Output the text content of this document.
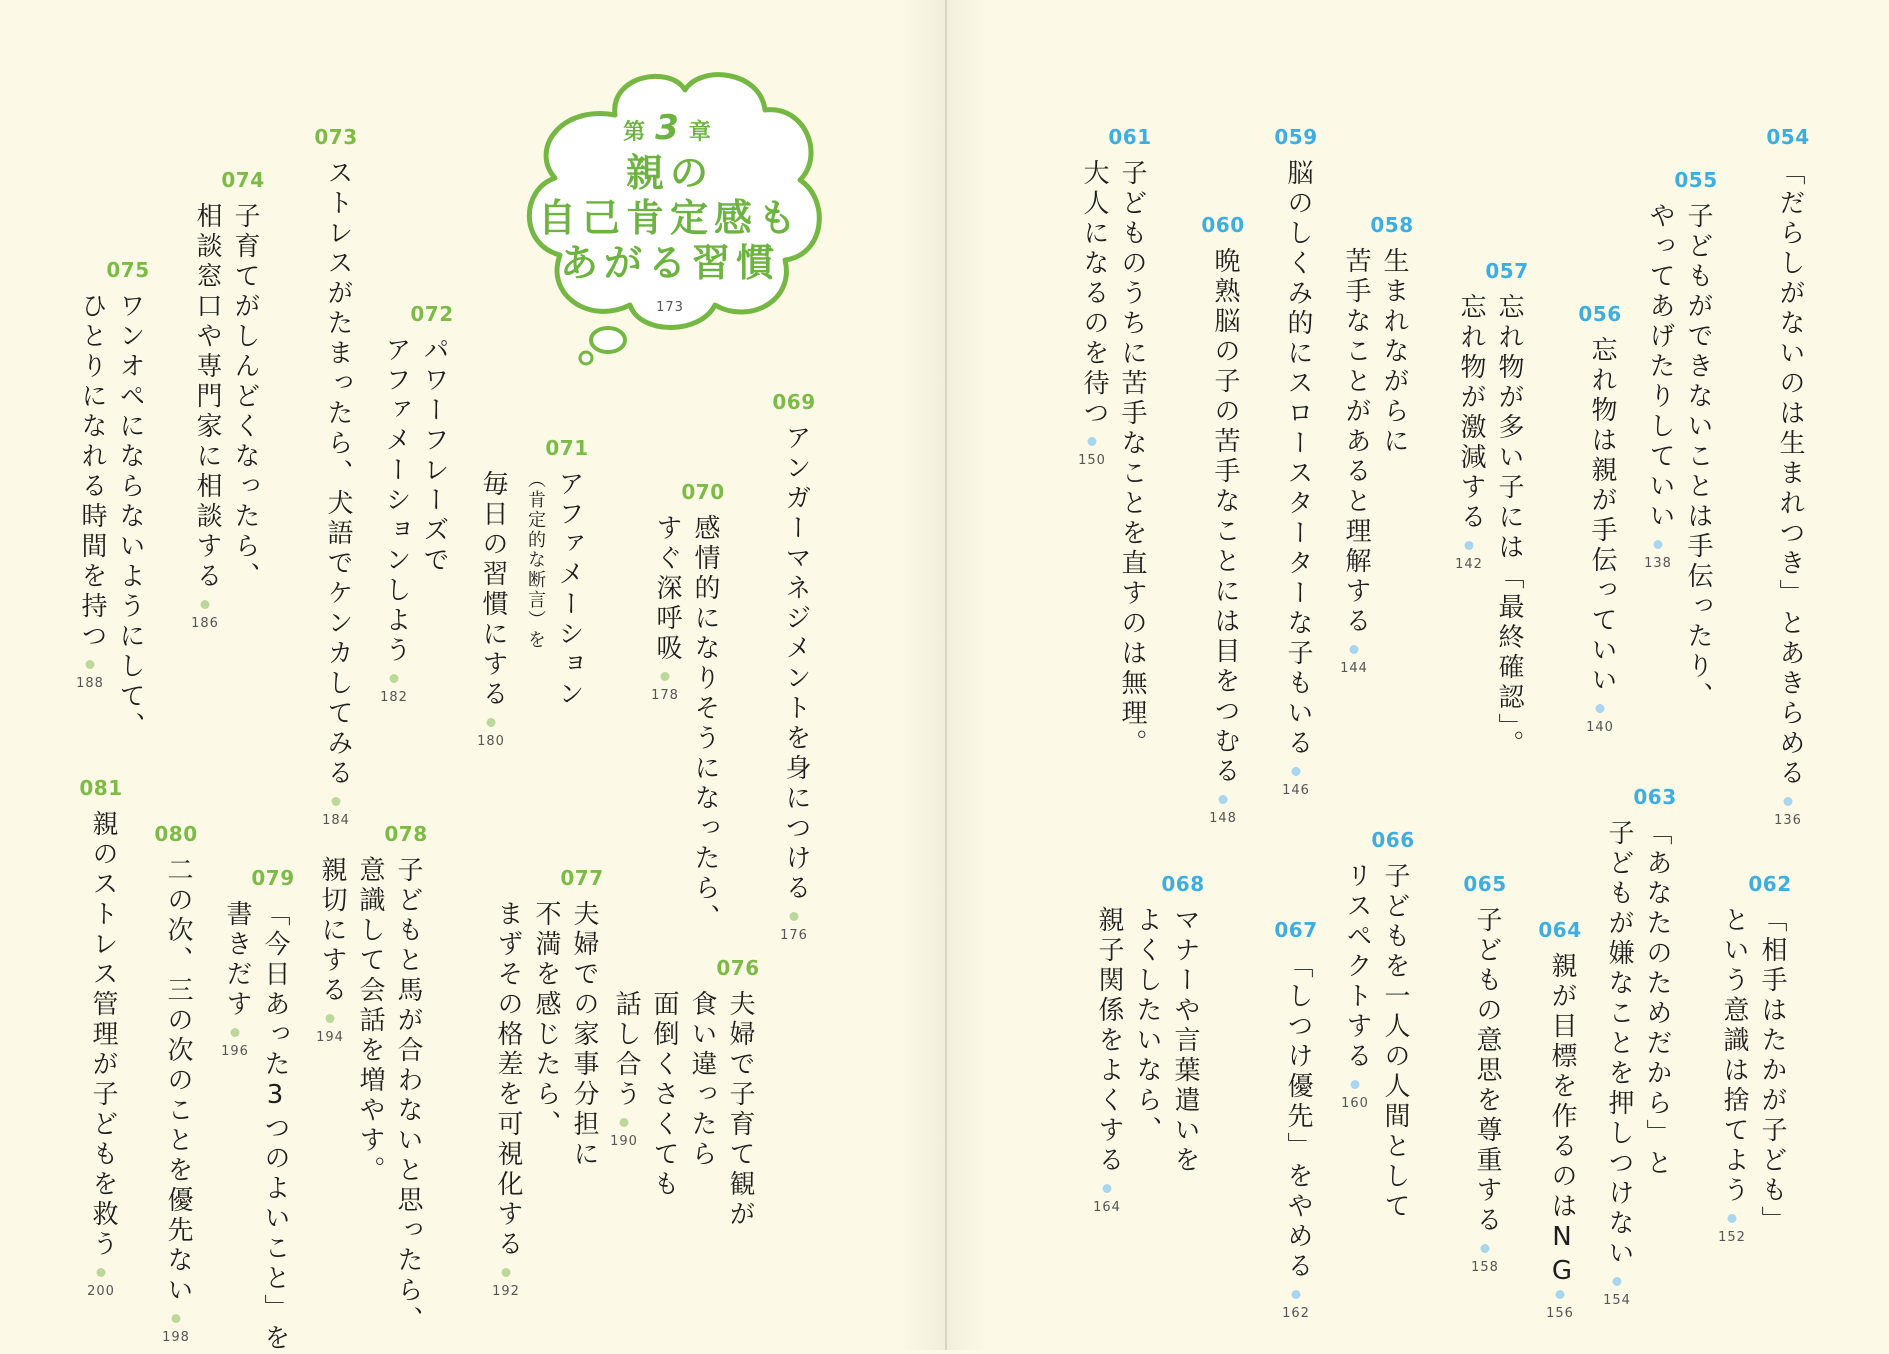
第 3 章
親の
自己肯定感も
あがる習慣
173
054
「だらしがないのは生まれつき」とあきらめる
136
055
子どもができないことは手伝ったり、
やってあげたりしていい
138
056
忘れ物は親が手伝っていい
140
057
忘れ物が多い子には「最終確認」。
忘れ物が激減する
142
058
生まれながらに
苦手なことがあると理解する
144
059
脳のしくみ的にスロースターターな子もいる
146
060
晩熟脳の子の苦手なことには目をつむる
148
061
子どものうちに苦手なことを直すのは無理。
大人になるのを待つ
150
062
「相手はたかが子ども」
という意識は捨てよう
152
063
「あなたのためだから」と
子どもが嫌なことを押しつけない
154
064
親が目標を作るのはNG
156
065
子どもの意思を尊重する
158
066
子どもを一人の人間として
リスペクトする
160
067
「しつけ優先」をやめる
162
068
マナーや言葉遣いを
よくしたいなら、
親子関係をよくする
164
069
アンガーマネジメントを身につける
176
070
感情的になりそうになったら、
すぐ深呼吸
178
071
アファメーション
（肯定的な断言）を
毎日の習慣にする
180
072
パワーフレーズで
アファメーションしよう
182
073
ストレスがたまったら、犬語でケンカしてみる
184
074
子育てがしんどくなったら、
相談窓口や専門家に相談する
186
075
ワンオペにならないようにして、
ひとりになれる時間を持つ
188
076
夫婦で子育て観が
食い違ったら
面倒くさくても
話し合う
190
077
夫婦での家事分担に
不満を感じたら、
まずその格差を可視化する
192
078
子どもと馬が合わないと思ったら、
意識して会話を増やす。
親切にする
194
079
「今日あった3つのよいこと」を
書きだす
196
080
二の次、三の次のことを優先ない
198
081
親のストレス管理が子どもを救う
200
